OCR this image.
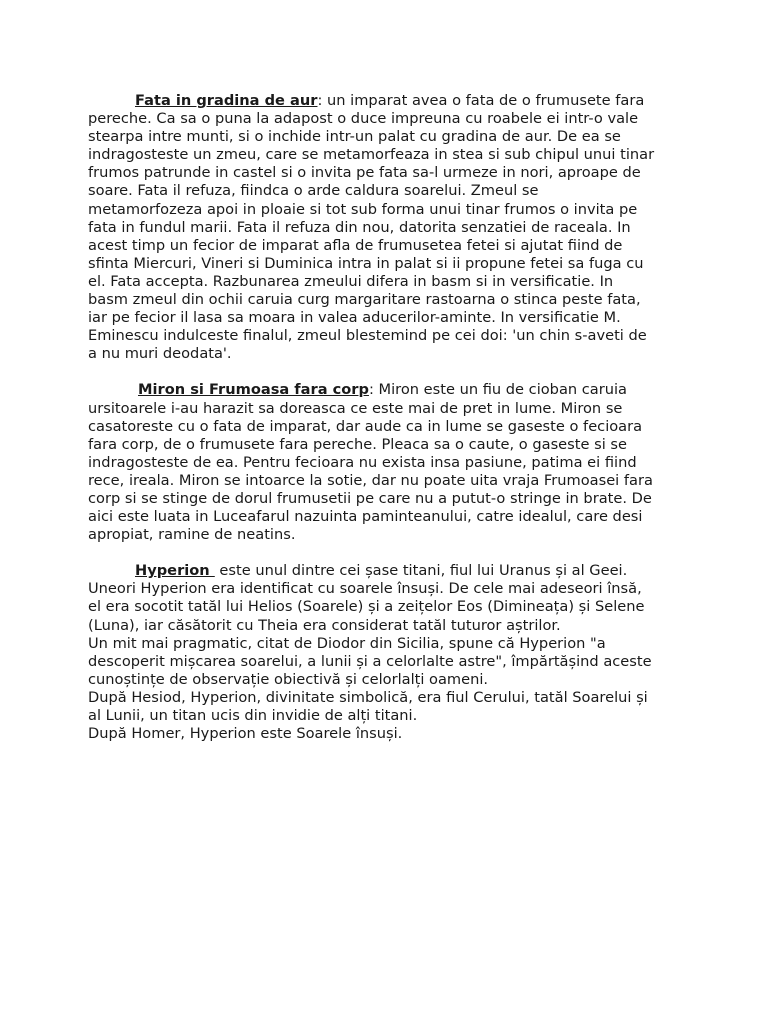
Fata in gradina de aur: un imparat avea o fata de o frumusete fara
pereche. Ca sa o puna la adapost o duce impreuna cu roabele ei intr-o vale
stearpa intre munti, si o inchide intr-un palat cu gradina de aur. De ea se
indragosteste un zmeu, care se metamorfeaza in stea si sub chipul unui tinar
frumos patrunde in castel si o invita pe fata sa-l urmeze in nori, aproape de
soare. Fata il refuza, fiindca o arde caldura soarelui. Zmeul se
metamorfozeza apoi in ploaie si tot sub forma unui tinar frumos o invita pe
fata in fundul marii. Fata il refuza din nou, datorita senzatiei de raceala. In
acest timp un fecior de imparat afla de frumusetea fetei si ajutat fiind de
sfinta Miercuri, Vineri si Duminica intra in palat si ii propune fetei sa fuga cu
el. Fata accepta. Razbunarea zmeului difera in basm si in versificatie. In
basm zmeul din ochii caruia curg margaritare rastoarna o stinca peste fata,
iar pe fecior il lasa sa moara in valea aducerilor-aminte. In versificatie M.
Eminescu indulceste finalul, zmeul blestemind pe cei doi: 'un chin s-aveti de
a nu muri deodata'.
Miron si Frumoasa fara corp: Miron este un fiu de cioban caruia
ursitoarele i-au harazit sa doreasca ce este mai de pret in lume. Miron se
casatoreste cu o fata de imparat, dar aude ca in lume se gaseste o fecioara
fara corp, de o frumusete fara pereche. Pleaca sa o caute, o gaseste si se
indragosteste de ea. Pentru fecioara nu exista insa pasiune, patima ei fiind
rece, ireala. Miron se intoarce la sotie, dar nu poate uita vraja Frumoasei fara
corp si se stinge de dorul frumusetii pe care nu a putut-o stringe in brate. De
aici este luata in Luceafarul nazuinta paminteanului, catre idealul, care desi
apropiat, ramine de neatins.
Hyperion  este unul dintre cei șase titani, fiul lui Uranus și al Geei.
Uneori Hyperion era identificat cu soarele însuși. De cele mai adeseori însă,
el era socotit tatăl lui Helios (Soarele) și a zeițelor Eos (Dimineața) și Selene
(Luna), iar căsătorit cu Theia era considerat tatăl tuturor aștrilor.
Un mit mai pragmatic, citat de Diodor din Sicilia, spune că Hyperion "a
descoperit mișcarea soarelui, a lunii și a celorlalte astre", împărtășind aceste
cunoștințe de observație obiectivă și celorlalți oameni.
După Hesiod, Hyperion, divinitate simbolică, era fiul Cerului, tatăl Soarelui și
al Lunii, un titan ucis din invidie de alți titani.
După Homer, Hyperion este Soarele însuși.
